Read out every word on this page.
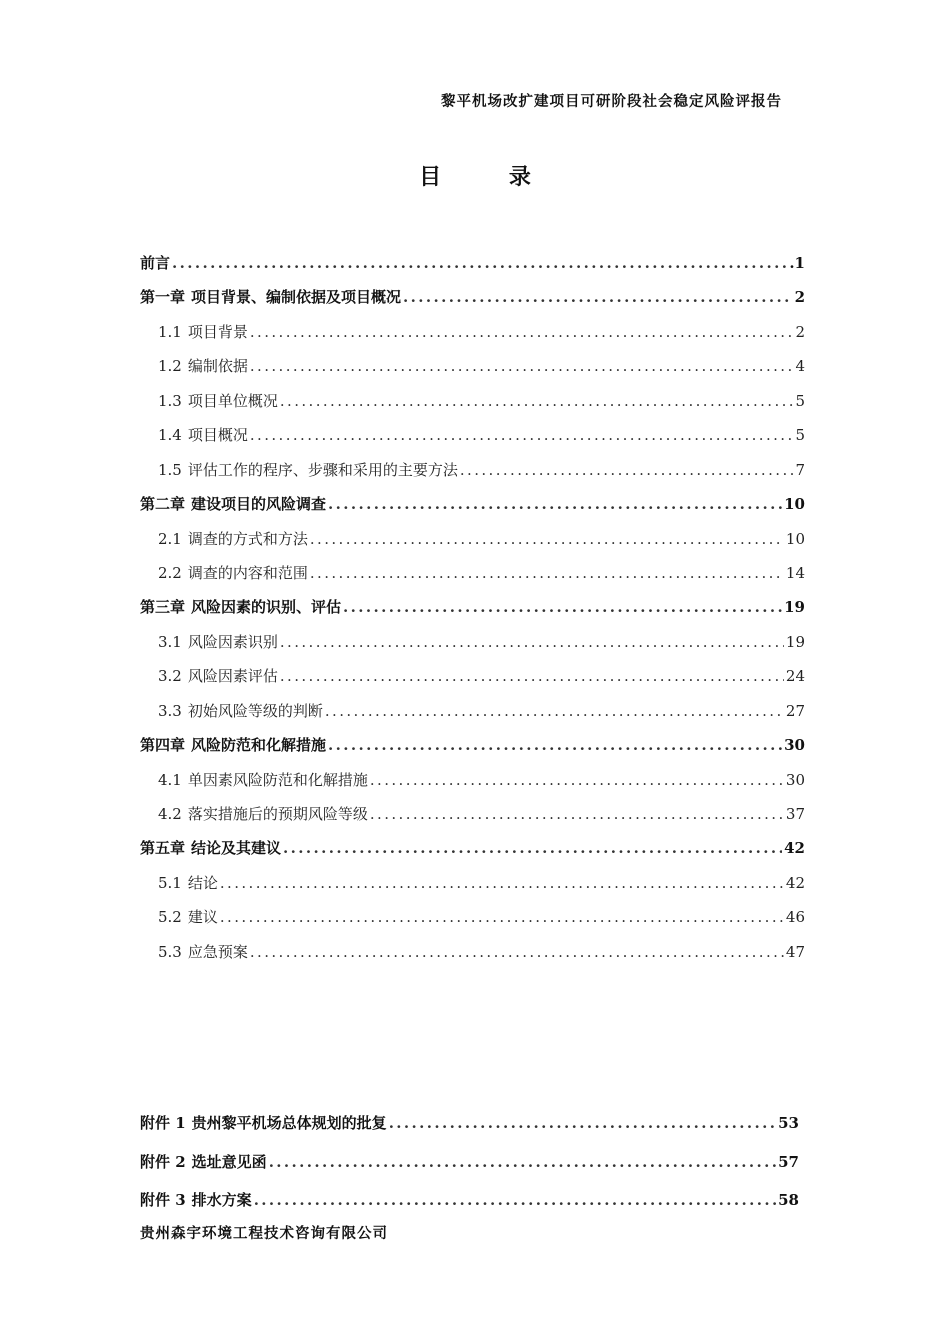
黎平机场改扩建项目可研阶段社会稳定风险评报告
目 录
前言 .....	.1
第一章 项目背景、编制依据及项目概况 .....	2
1.1 项目背景 .....	2
1.2 编制依据 .....	4
1.3 项目单位概况 .....	5
1.4 项目概况 .....	5
1.5 评估工作的程序、步骤和采用的主要方法 .....	7
第二章 建设项目的风险调查 .....	10
2.1 调查的方式和方法 .....	10
2.2 调查的内容和范围 .....	14
第三章 风险因素的识别、评估 .....	19
3.1 风险因素识别 .....	19
3.2 风险因素评估 .....	24
3.3 初始风险等级的判断 .....	27
第四章 风险防范和化解措施 .....	30
4.1 单因素风险防范和化解措施 .....	30
4.2 落实措施后的预期风险等级 .....	37
第五章 结论及其建议 .....	42
5.1 结论 .....	42
5.2 建议 .....	46
5.3 应急预案 .....	47
附件 1 贵州黎平机场总体规划的批复 .....	53
附件 2 选址意见函 .....	57
附件 3 排水方案 .....	58
贵州森宇环境工程技术咨询有限公司
